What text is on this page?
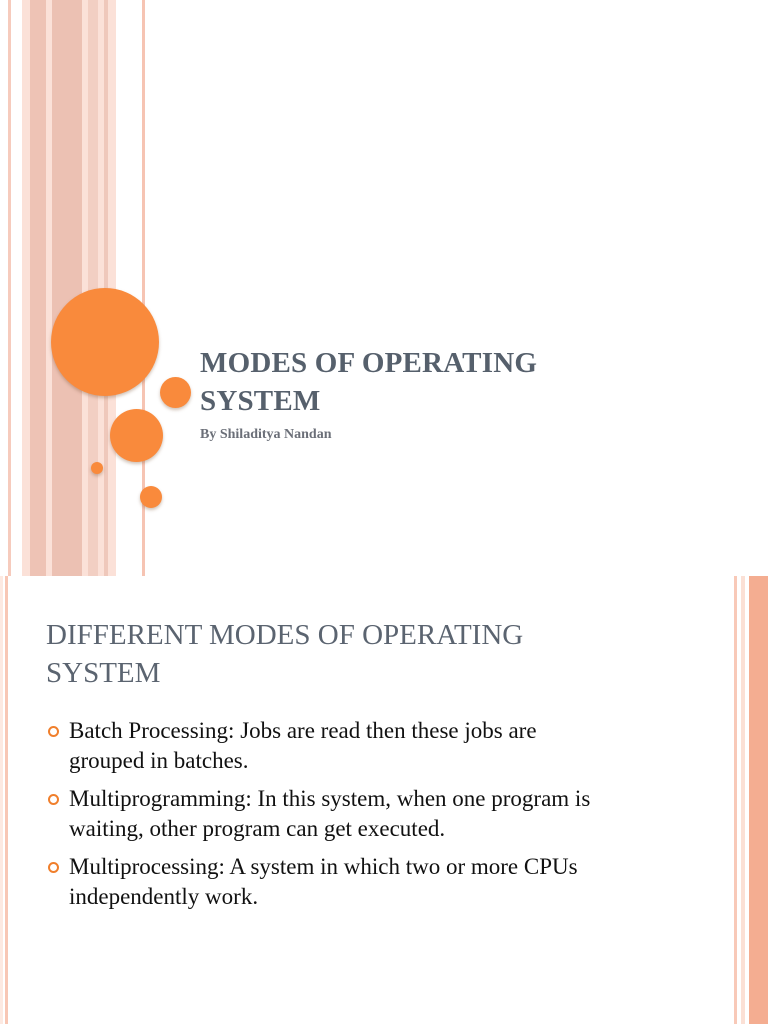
MODES OF OPERATING
SYSTEM
By Shiladitya Nandan
DIFFERENT MODES OF OPERATING
SYSTEM
Batch Processing: Jobs are read then these jobs are
grouped in batches.
Multiprogramming: In this system, when one program is
waiting, other program can get executed.
Multiprocessing: A system in which two or more CPUs
independently work.
